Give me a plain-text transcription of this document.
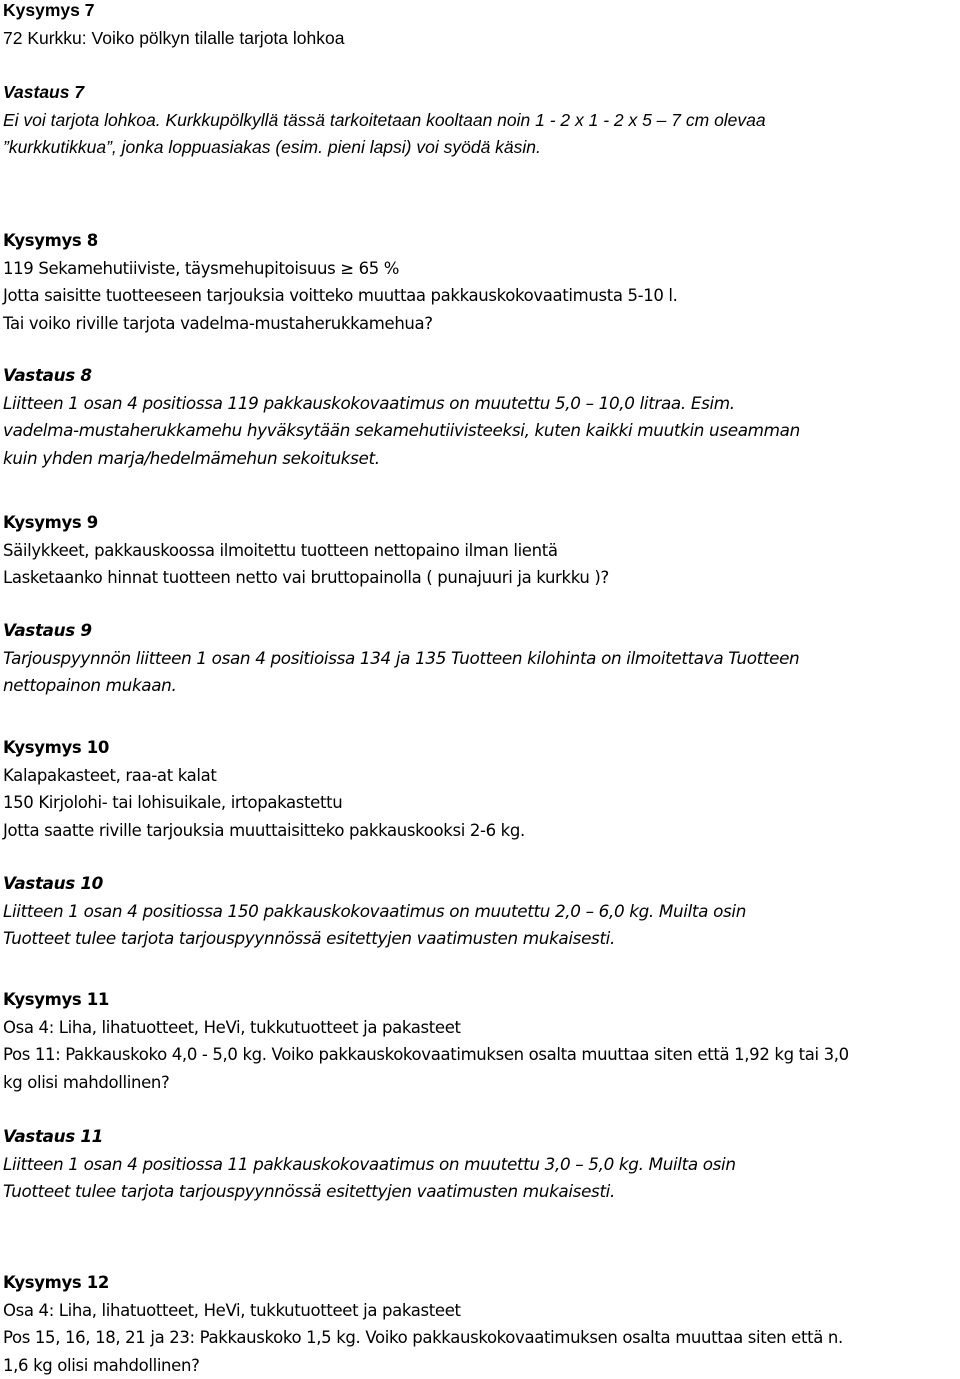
Kysymys 7
72 Kurkku: Voiko pölkyn tilalle tarjota lohkoa
Vastaus 7
Ei voi tarjota lohkoa. Kurkkupölkyllä tässä tarkoitetaan kooltaan noin 1 - 2 x 1 - 2 x 5 – 7 cm olevaa
”kurkkutikkua”, jonka loppuasiakas (esim. pieni lapsi) voi syödä käsin.
Kysymys 8
119 Sekamehutiiviste, täysmehupitoisuus ≥ 65 %
Jotta saisitte tuotteeseen tarjouksia voitteko muuttaa pakkauskokovaatimusta 5-10 l.
Tai voiko riville tarjota vadelma-mustaherukkamehua?
Vastaus 8
Liitteen 1 osan 4 positiossa 119 pakkauskokovaatimus on muutettu 5,0 – 10,0 litraa. Esim.
vadelma-mustaherukkamehu hyväksytään sekamehutiivisteeksi, kuten kaikki muutkin useamman
kuin yhden marja/hedelmämehun sekoitukset.
Kysymys 9
Säilykkeet, pakkauskoossa ilmoitettu tuotteen nettopaino ilman lientä
Lasketaanko hinnat tuotteen netto vai bruttopainolla ( punajuuri ja kurkku )?
Vastaus 9
Tarjouspyynnön liitteen 1 osan 4 positioissa 134 ja 135 Tuotteen kilohinta on ilmoitettava Tuotteen
nettopainon mukaan.
Kysymys 10
Kalapakasteet, raa-at kalat
150 Kirjolohi- tai lohisuikale, irtopakastettu
Jotta saatte riville tarjouksia muuttaisitteko pakkauskooksi 2-6 kg.
Vastaus 10
Liitteen 1 osan 4 positiossa 150 pakkauskokovaatimus on muutettu 2,0 – 6,0 kg. Muilta osin
Tuotteet tulee tarjota tarjouspyynnössä esitettyjen vaatimusten mukaisesti.
Kysymys 11
Osa 4: Liha, lihatuotteet, HeVi, tukkutuotteet ja pakasteet
Pos 11: Pakkauskoko 4,0 - 5,0 kg. Voiko pakkauskokovaatimuksen osalta muuttaa siten että 1,92 kg tai 3,0
kg olisi mahdollinen?
Vastaus 11
Liitteen 1 osan 4 positiossa 11 pakkauskokovaatimus on muutettu 3,0 – 5,0 kg. Muilta osin
Tuotteet tulee tarjota tarjouspyynnössä esitettyjen vaatimusten mukaisesti.
Kysymys 12
Osa 4: Liha, lihatuotteet, HeVi, tukkutuotteet ja pakasteet
Pos 15, 16, 18, 21 ja 23: Pakkauskoko 1,5 kg. Voiko pakkauskokovaatimuksen osalta muuttaa siten että n.
1,6 kg olisi mahdollinen?
